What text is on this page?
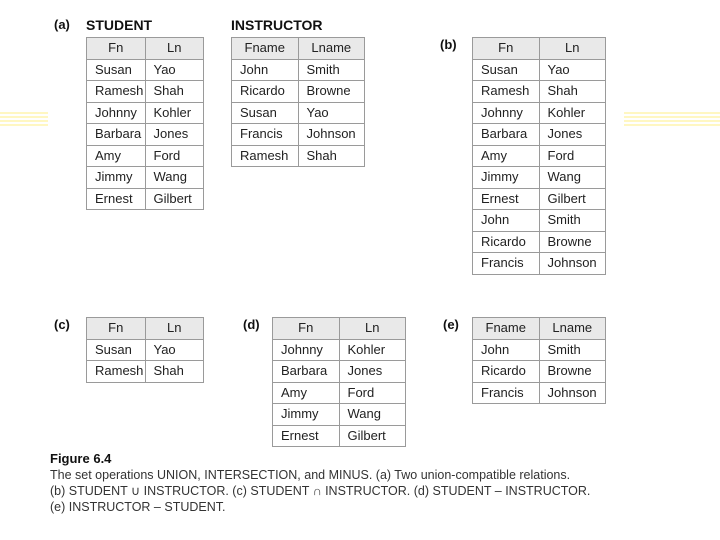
(a) STUDENT	INSTRUCTOR
(b)
(c)	(d)	(e)
Fn	Ln
Susan	Yao
Ramesh	Shah
Johnny	Kohler
Barbara	Jones
Amy	Ford
Jimmy	Wang
Ernest	Gilbert
Fname	Lname
John	Smith
Ricardo	Browne
Susan	Yao
Francis	Johnson
Ramesh	Shah
Fn	Ln
Susan	Yao
Ramesh	Shah
Johnny	Kohler
Barbara	Jones
Amy	Ford
Jimmy	Wang
Ernest	Gilbert
John	Smith
Ricardo	Browne
Francis	Johnson
Fn	Ln
Susan	Yao
Ramesh	Shah
Fn	Ln
Johnny	Kohler
Barbara	Jones
Amy	Ford
Jimmy	Wang
Ernest	Gilbert
Fname	Lname
John	Smith
Ricardo	Browne
Francis	Johnson
Figure 6.4
The set operations UNION, INTERSECTION, and MINUS. (a) Two union-compatible relations.
(b) STUDENT ∪ INSTRUCTOR. (c) STUDENT ∩ INSTRUCTOR. (d) STUDENT – INSTRUCTOR.
(e) INSTRUCTOR – STUDENT.
